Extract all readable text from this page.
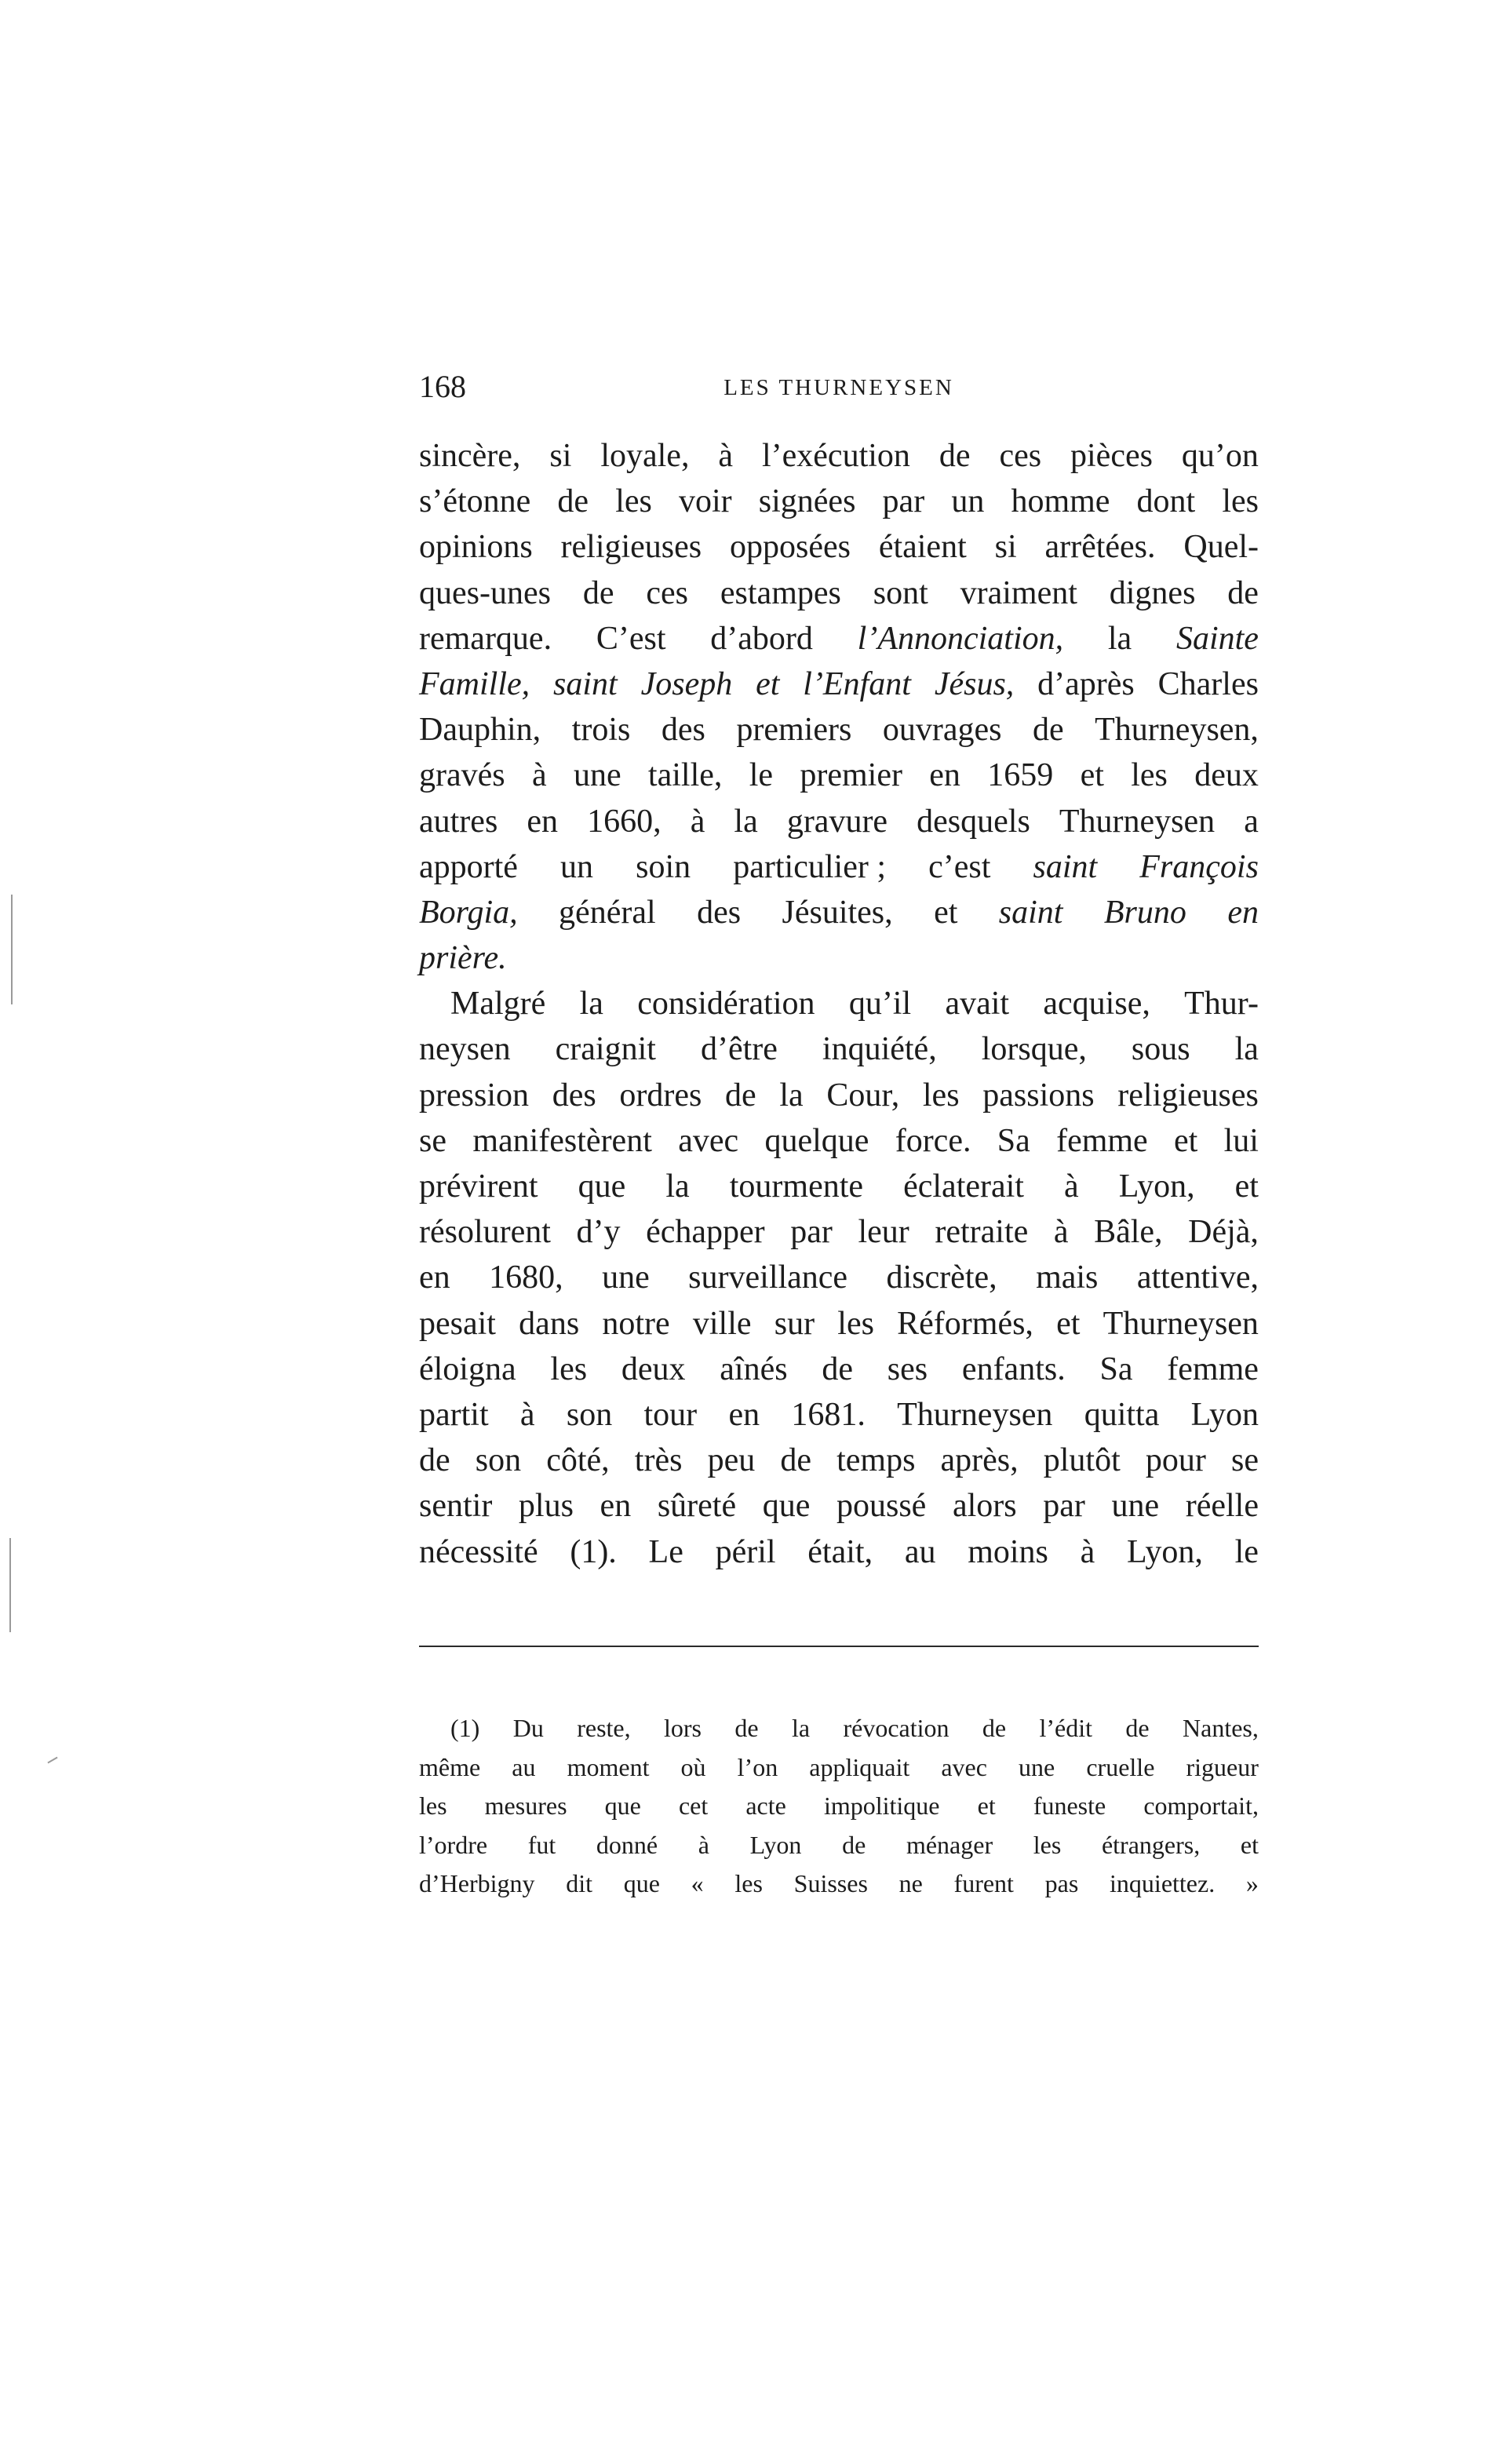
168	LES THURNEYSEN
sincère, si loyale, à l’exécution de ces pièces qu’on
s’étonne de les voir signées par un homme dont les
opinions religieuses opposées étaient si arrêtées. Quel-
ques-unes de ces estampes sont vraiment dignes de
remarque. C’est d’abord l’Annonciation, la Sainte
Famille, saint Joseph et l’Enfant Jésus, d’après Charles
Dauphin, trois des premiers ouvrages de Thurneysen,
gravés à une taille, le premier en 1659 et les deux
autres en 1660, à la gravure desquels Thurneysen a
apporté un soin particulier ; c’est saint François
Borgia, général des Jésuites, et saint Bruno en
prière.
Malgré la considération qu’il avait acquise, Thur-
neysen craignit d’être inquiété, lorsque, sous la
pression des ordres de la Cour, les passions religieuses
se manifestèrent avec quelque force. Sa femme et lui
prévirent que la tourmente éclaterait à Lyon, et
résolurent d’y échapper par leur retraite à Bâle, Déjà,
en 1680, une surveillance discrète, mais attentive,
pesait dans notre ville sur les Réformés, et Thurneysen
éloigna les deux aînés de ses enfants. Sa femme
partit à son tour en 1681. Thurneysen quitta Lyon
de son côté, très peu de temps après, plutôt pour se
sentir plus en sûreté que poussé alors par une réelle
nécessité (1). Le péril était, au moins à Lyon, le
(1) Du reste, lors de la révocation de l’édit de Nantes,
même au moment où l’on appliquait avec une cruelle rigueur
les mesures que cet acte impolitique et funeste comportait,
l’ordre fut donné à Lyon de ménager les étrangers, et
d’Herbigny dit que « les Suisses ne furent pas inquiettez. »
